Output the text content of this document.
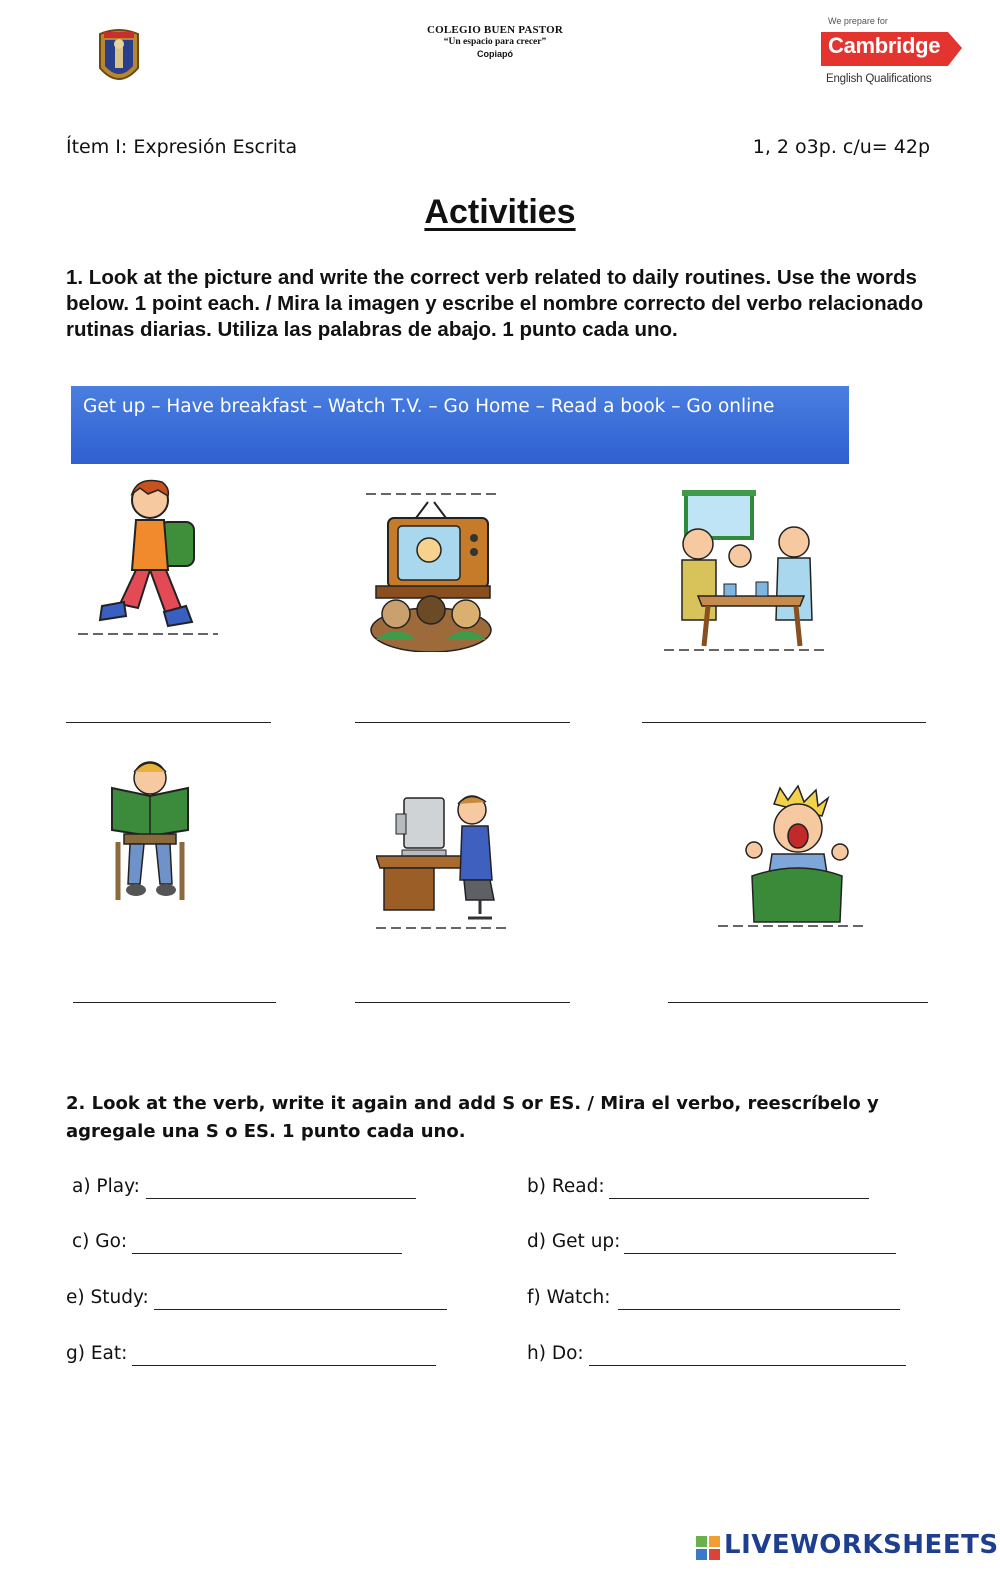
COLEGIO BUEN PASTOR
“Un espacio para crecer”
Copiapó
We prepare for
Cambridge
English Qualifications
Ítem I: Expresión Escrita	1, 2 o3p. c/u= 42p
Activities
1. Look at the picture and write the correct verb related to daily routines. Use the words below. 1 point each. / Mira la imagen y escribe el nombre correcto del verbo relacionado rutinas diarias. Utiliza las palabras de abajo. 1 punto cada uno.
Get up – Have breakfast – Watch T.V. – Go Home – Read a book – Go online
2. Look at the verb, write it again and add S or ES. / Mira el verbo, reescríbelo y agregale una S o ES. 1 punto cada uno.
a) Play:	b) Read:
c) Go:	d) Get up:
e) Study:	f) Watch:
g) Eat:	h) Do:
LIVEWORKSHEETS
